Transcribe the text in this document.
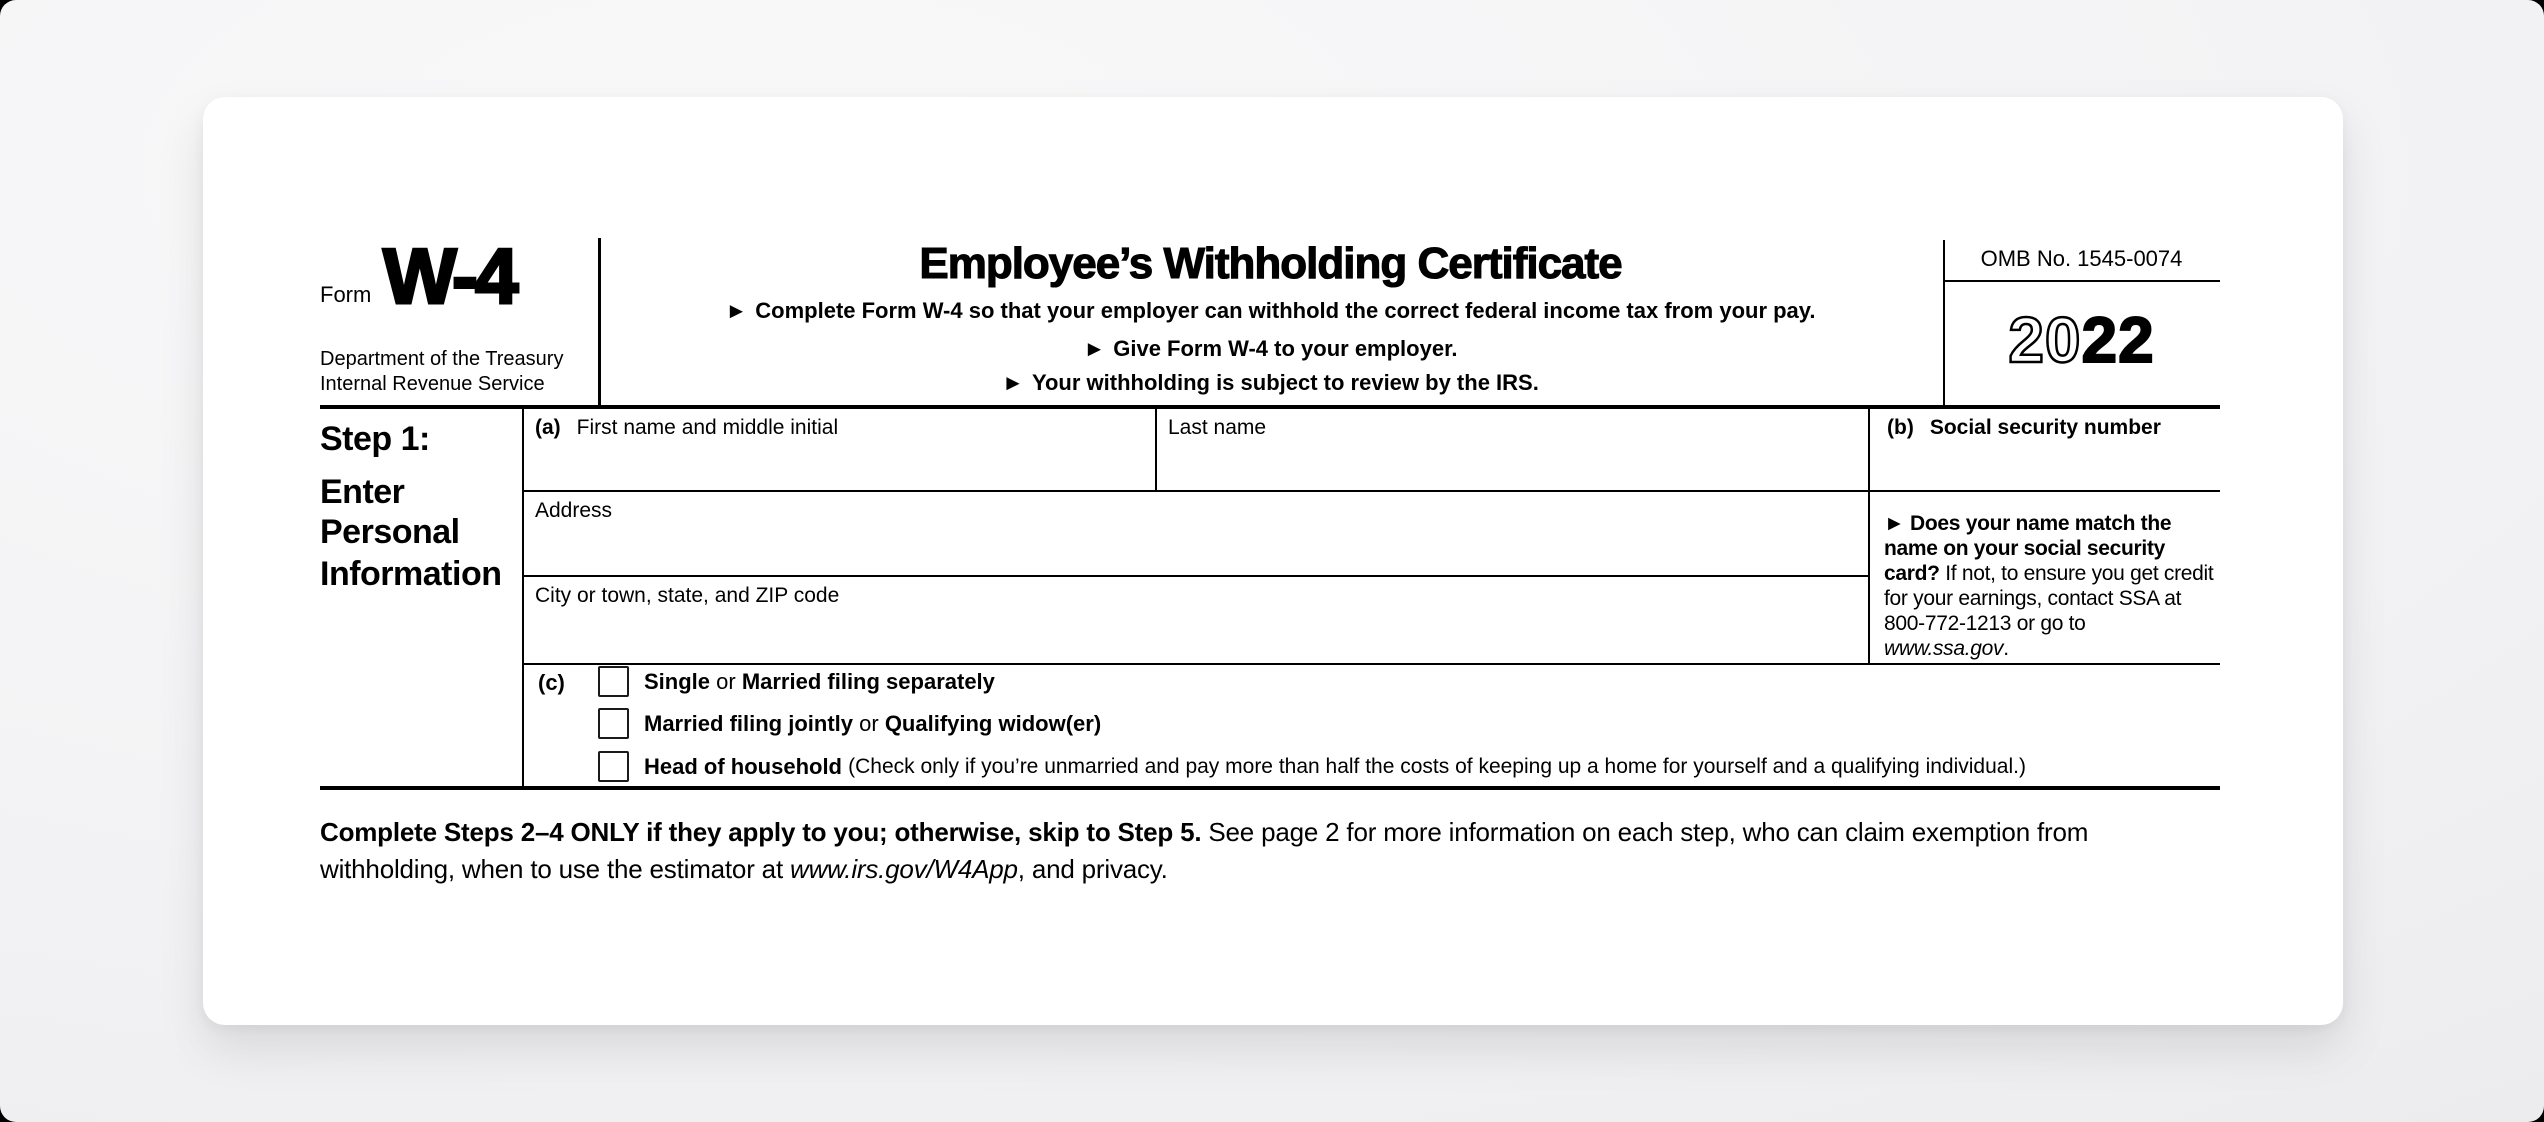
Form W-4
Department of the Treasury
Internal Revenue Service
Employee’s Withholding Certificate
► Complete Form W-4 so that your employer can withhold the correct federal income tax from your pay.
► Give Form W-4 to your employer.
► Your withholding is subject to review by the IRS.
OMB No. 1545-0074
2022
Step 1:
Enter
Personal
Information
(a) First name and middle initial	Last name	(b) Social security number
Address
City or town, state, and ZIP code
► Does your name match the name on your social security card? If not, to ensure you get credit for your earnings, contact SSA at 800-772-1213 or go to www.ssa.gov.
(c)	Single or Married filing separately
Married filing jointly or Qualifying widow(er)
Head of household
(Check only if you’re unmarried and pay more than half the costs of keeping up a home for yourself and a qualifying individual.)
Complete Steps 2–4 ONLY if they apply to you; otherwise, skip to Step 5. See page 2 for more information on each step, who can claim exemption from withholding, when to use the estimator at www.irs.gov/W4App, and privacy.
